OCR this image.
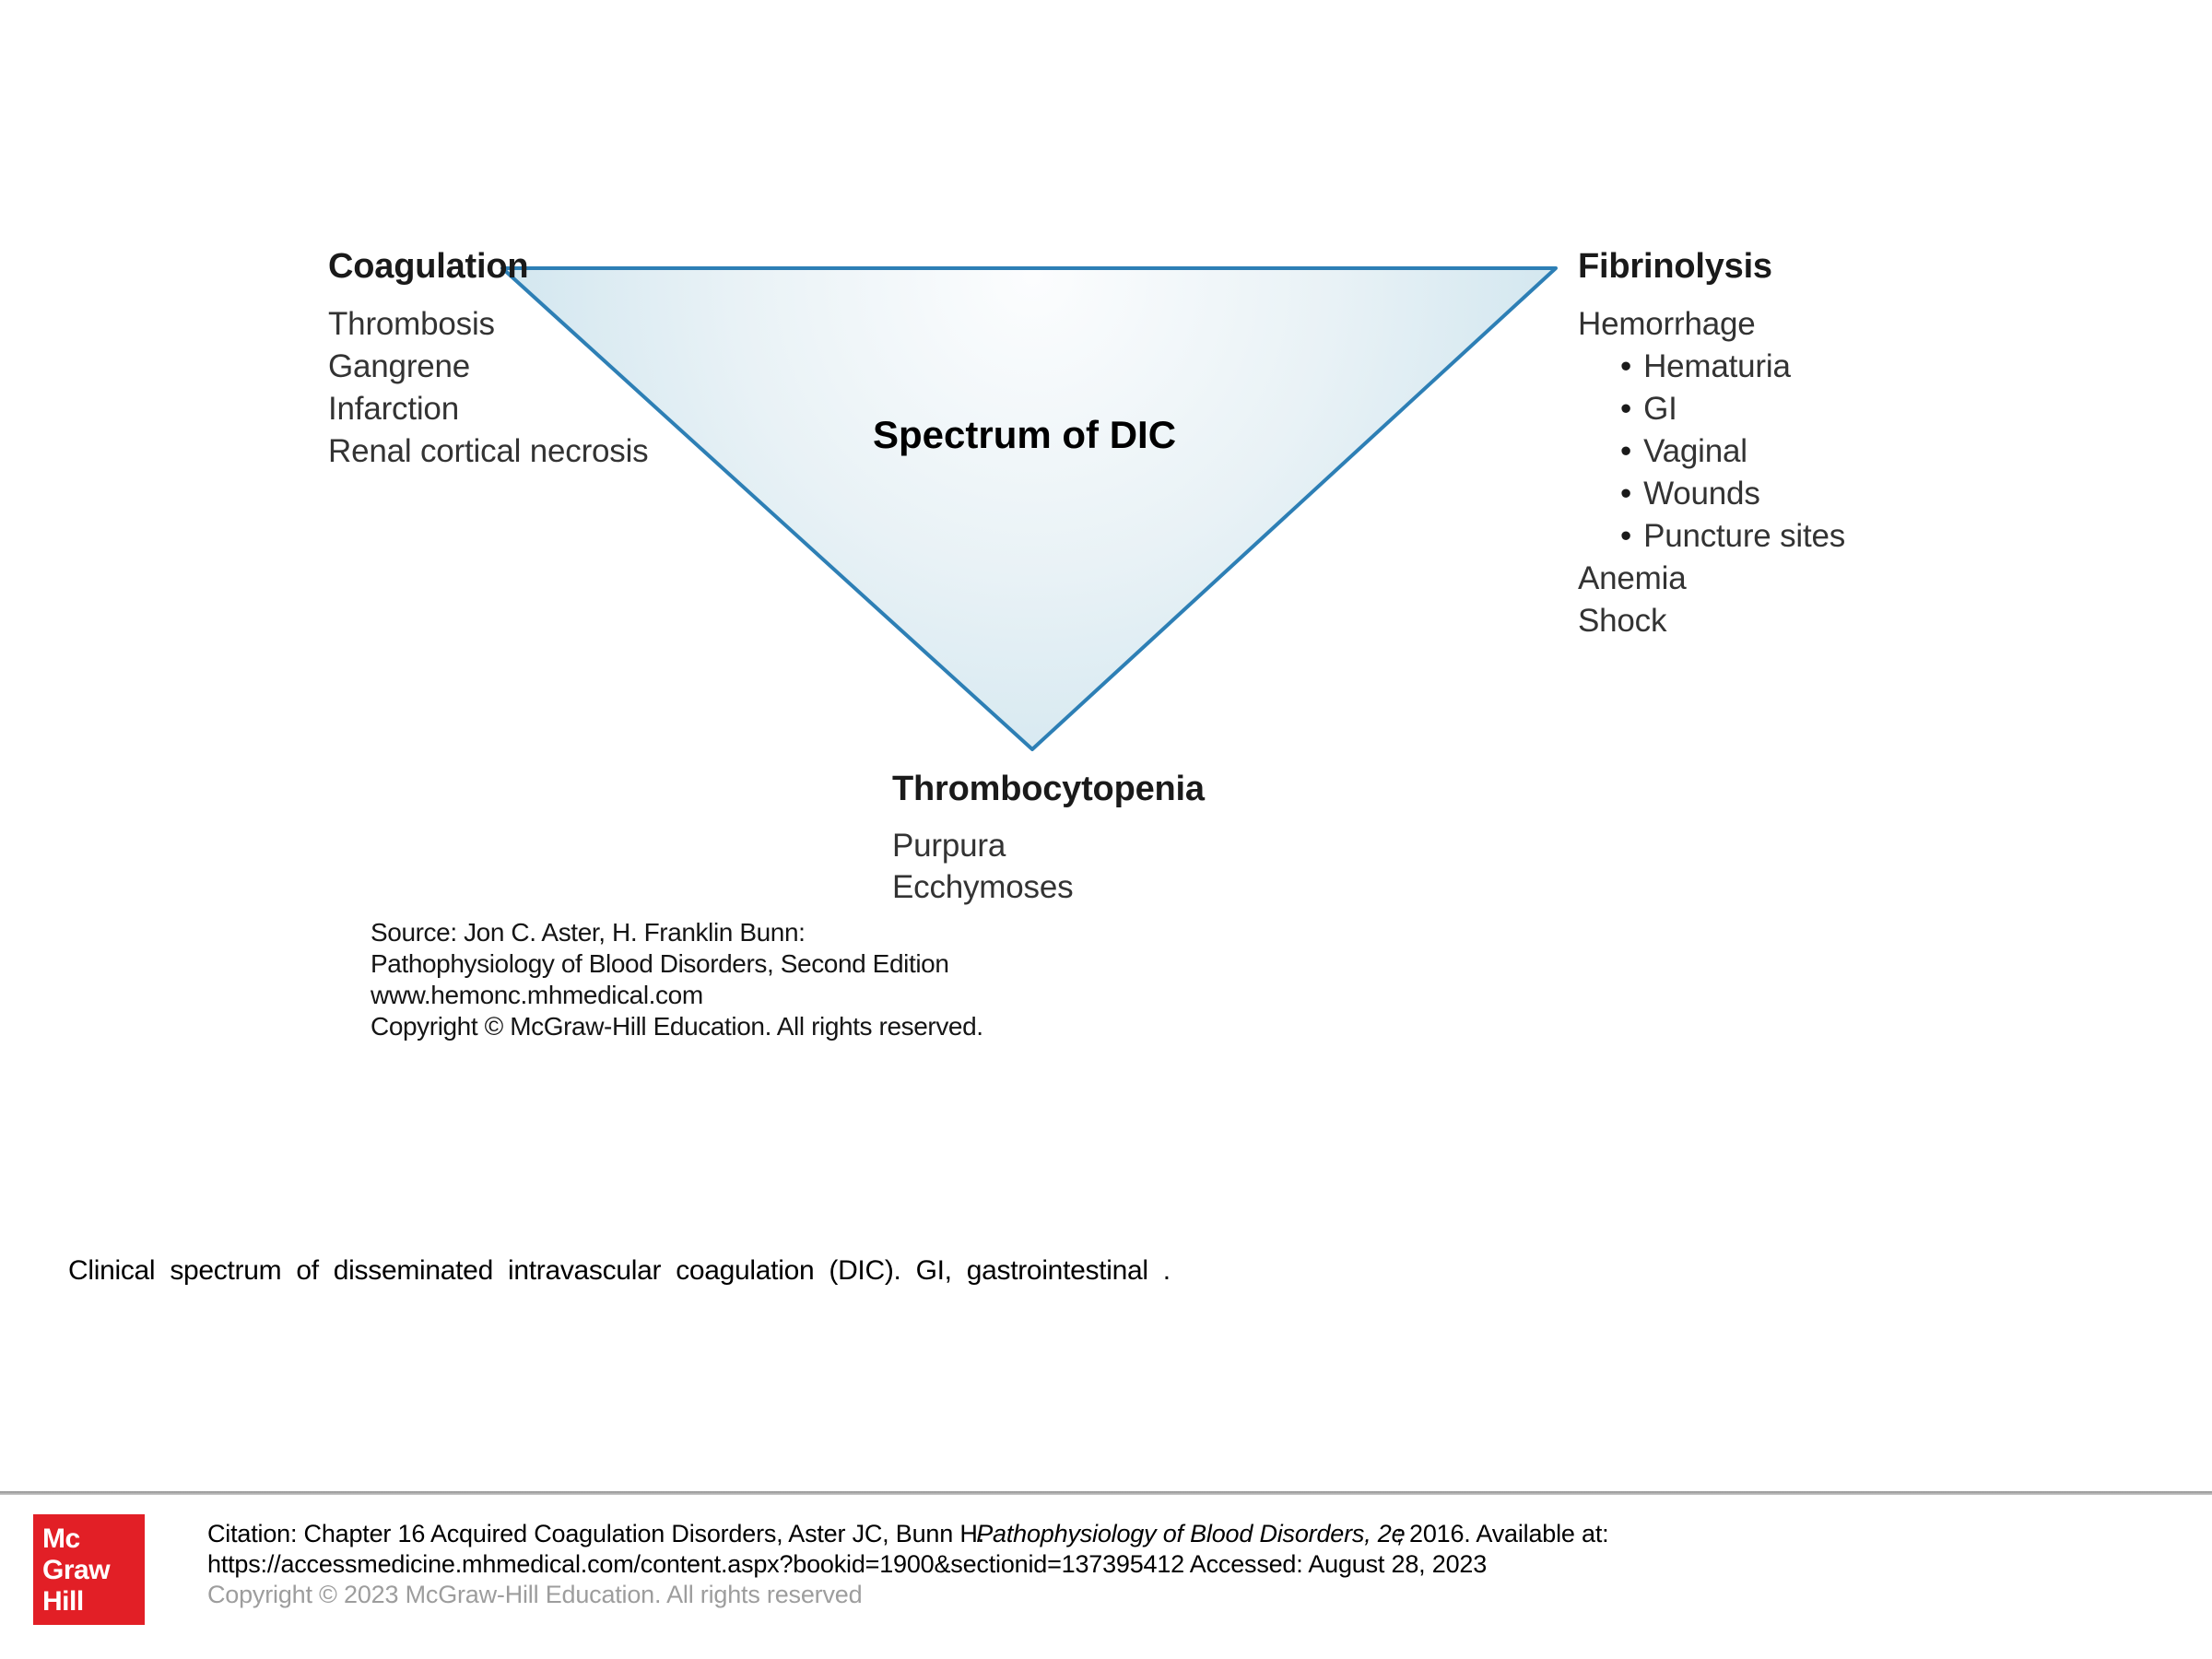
Coagulation
Thrombosis
Gangrene
Infarction
Renal cortical necrosis
Fibrinolysis
Hemorrhage
• Hematuria
• GI
• Vaginal
• Wounds
• Puncture sites
Anemia
Shock
Spectrum of DIC
Thrombocytopenia
Purpura
Ecchymoses
Source: Jon C. Aster, H. Franklin Bunn:
Pathophysiology of Blood Disorders, Second Edition
www.hemonc.mhmedical.com
Copyright © McGraw-Hill Education. All rights reserved.
Clinical spectrum of disseminated intravascular coagulation (DIC). GI, gastrointestinal .
Mc
Graw
Hill
Citation: Chapter 16 Acquired Coagulation Disorders, Aster JC, Bunn H. Pathophysiology of Blood Disorders, 2e; 2016. Available at:
https://accessmedicine.mhmedical.com/content.aspx?bookid=1900&sectionid=137395412 Accessed: August 28, 2023
Copyright © 2023 McGraw-Hill Education. All rights reserved
